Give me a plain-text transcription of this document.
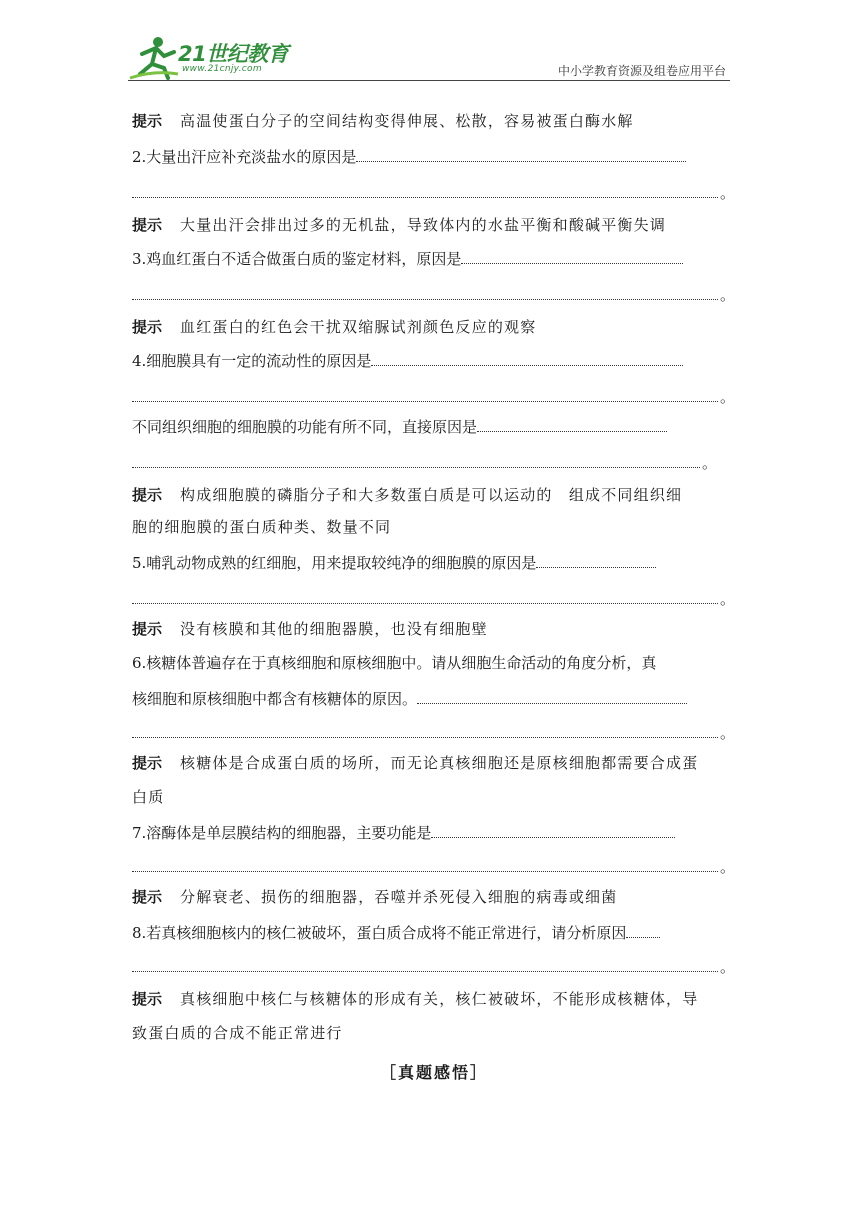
21世纪教育
www.21cnjy.com	中小学教育资源及组卷应用平台
提示 高温使蛋白分子的空间结构变得伸展、松散，容易被蛋白酶水解
2.大量出汗应补充淡盐水的原因是
。
提示 大量出汗会排出过多的无机盐，导致体内的水盐平衡和酸碱平衡失调
3.鸡血红蛋白不适合做蛋白质的鉴定材料，原因是
。
提示 血红蛋白的红色会干扰双缩脲试剂颜色反应的观察
4.细胞膜具有一定的流动性的原因是
。
不同组织细胞的细胞膜的功能有所不同，直接原因是
。
提示 构成细胞膜的磷脂分子和大多数蛋白质是可以运动的　组成不同组织细
胞的细胞膜的蛋白质种类、数量不同
5.哺乳动物成熟的红细胞，用来提取较纯净的细胞膜的原因是
。
提示 没有核膜和其他的细胞器膜，也没有细胞壁
6.核糖体普遍存在于真核细胞和原核细胞中。请从细胞生命活动的角度分析，真
核细胞和原核细胞中都含有核糖体的原因。
。
提示 核糖体是合成蛋白质的场所，而无论真核细胞还是原核细胞都需要合成蛋
白质
7.溶酶体是单层膜结构的细胞器，主要功能是
。
提示 分解衰老、损伤的细胞器，吞噬并杀死侵入细胞的病毒或细菌
8.若真核细胞核内的核仁被破坏，蛋白质合成将不能正常进行，请分析原因
。
提示 真核细胞中核仁与核糖体的形成有关，核仁被破坏，不能形成核糖体，导
致蛋白质的合成不能正常进行
［真题感悟］
